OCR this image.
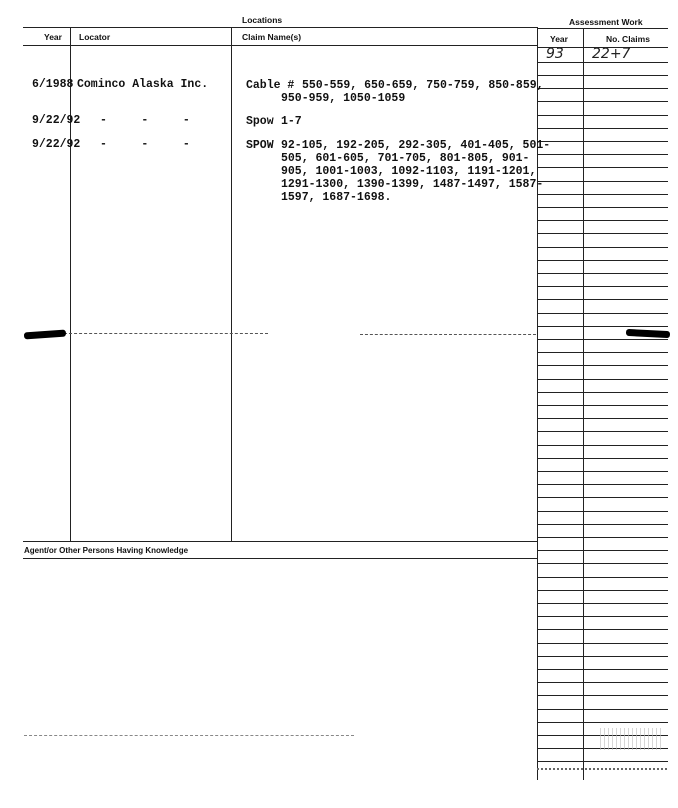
Locations	Assessment Work
Year Locator	Claim Name(s)	Year	No. Claims
93 22+7
6/1988 Cominco Alaska Inc.	Cable # 550-559, 650-659, 750-759, 850-859,
950-959, 1050-1059
9/22/92 -     -     -	Spow 1-7
9/22/92 -     -     -	SPOW 92-105, 192-205, 292-305, 401-405, 501-
505, 601-605, 701-705, 801-805, 901-
905, 1001-1003, 1092-1103, 1191-1201,
1291-1300, 1390-1399, 1487-1497, 1587-
1597, 1687-1698.
Agent/or Other Persons Having Knowledge
